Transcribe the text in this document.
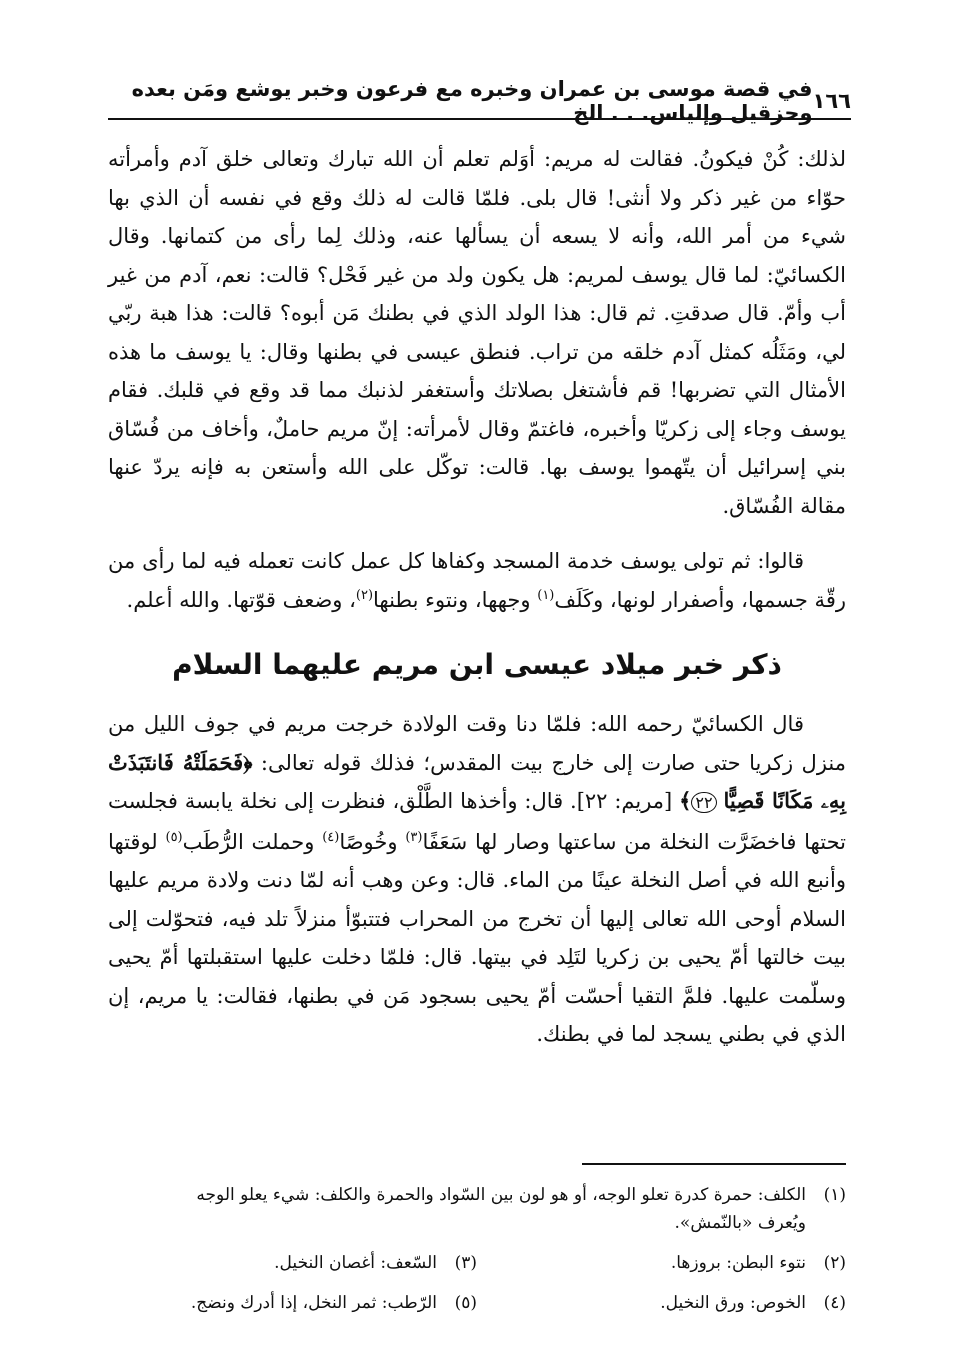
١٦٦
في قصة موسى بن عمران وخبره مع فرعون وخبر يوشع ومَن بعده وحزقيل وإلياس. . . الخ

لذلك: كُنْ فيكونُ. فقالت له مريم: أوَلم تعلم أن الله تبارك وتعالى خلق آدم وأمرأته حوّاء من غير ذكر ولا أنثى! قال بلى. فلمّا قالت له ذلك وقع في نفسه أن الذي بها شيء من أمر الله، وأنه لا يسعه أن يسألها عنه، وذلك لِما رأى من كتمانها. وقال الكسائيّ: لما قال يوسف لمريم: هل يكون ولد من غير فَحْل؟ قالت: نعم، آدم من غير أب وأمّ. قال صدقتِ. ثم قال: هذا الولد الذي في بطنك مَن أبوه؟ قالت: هذا هبة ربّي لي، ومَثَلُه كمثل آدم خلقه من تراب. فنطق عيسى في بطنها وقال: يا يوسف ما هذه الأمثال التي تضربها! قم فأشتغل بصلاتك وأستغفر لذنبك مما قد وقع في قلبك. فقام يوسف وجاء إلى زكريّا وأخبره، فاغتمّ وقال لأمرأته: إنّ مريم حاملٌ، وأخاف من فُسّاق بني إسرائيل أن يتّهموا يوسف بها. قالت: توكّل على الله وأستعن به فإنه يردّ عنها مقالة الفُسّاق.

قالوا: ثم تولى يوسف خدمة المسجد وكفاها كل عمل كانت تعمله فيه لما رأى من رقّة جسمها، وأصفرار لونها، وكَلَف$^{(١)}$ وجهها، ونتوء بطنها$^{(٢)}$، وضعف قوّتها. والله أعلم.

ذكر خبر ميلاد عيسى ابن مريم عليهما السلام

قال الكسائيّ رحمه الله: فلمّا دنا وقت الولادة خرجت مريم في جوف الليل من منزل زكريا حتى صارت إلى خارج بيت المقدس؛ فذلك قوله تعالى: ﴿فَحَمَلَتْهُ فَانتَبَذَتْ بِهِۦ مَكَانًا قَصِيًّا ٢٢﴾ [مريم: ٢٢]. قال: وأخذها الطَّلْق، فنظرت إلى نخلة يابسة فجلست تحتها فاخضَرَّت النخلة من ساعتها وصار لها سَعَفًا$^{(٣)}$ وخُوصًا$^{(٤)}$ وحملت الرُّطَب$^{(٥)}$ لوقتها وأنبع الله في أصل النخلة عينًا من الماء. قال: وعن وهب أنه لمّا دنت ولادة مريم عليها السلام أوحى الله تعالى إليها أن تخرج من المحراب فتتبوّأ منزلاً تلد فيه، فتحوّلت إلى بيت خالتها أمّ يحيى بن زكريا لتَلِد في بيتها. قال: فلمّا دخلت عليها استقبلتها أمّ يحيى وسلّمت عليها. فلمَّ التقيا أحسّت أمّ يحيى بسجود مَن في بطنها، فقالت: يا مريم، إن الذي في بطني يسجد لما في بطنك.

(١)
الكلف: حمرة كدرة تعلو الوجه، أو هو لون بين السّواد والحمرة والكلف: شيء يعلو الوجه
ويُعرف «بالنّمش».
(٢)
نتوء البطن: بروزها.
(٣)
السّعف: أغصان النخيل.
(٤)
الخوص: ورق النخيل.
(٥)
الرّطب: ثمر النخل، إذا أدرك ونضج.
